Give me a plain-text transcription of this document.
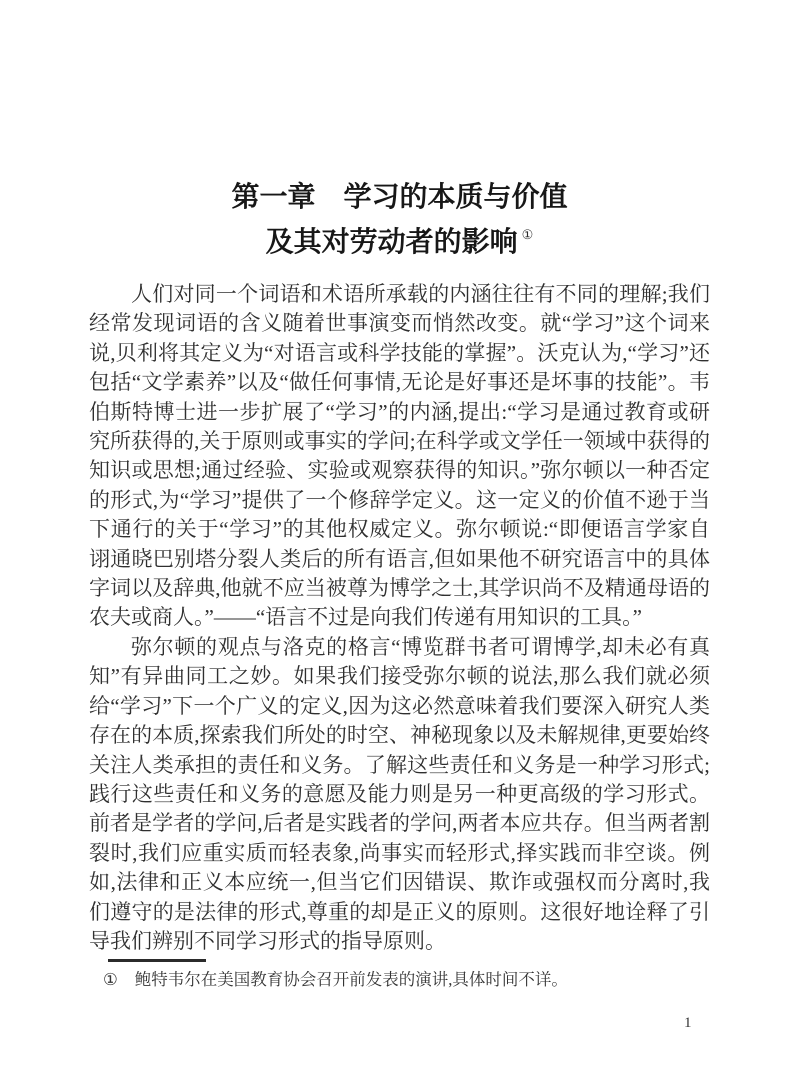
第一章　学习的本质与价值
及其对劳动者的影响 ①

人们对同一个词语和术语所承载的内涵往往有不同的理解;我们经常发现词语的含义随着世事演变而悄然改变。就“学习”这个词来说,贝利将其定义为“对语言或科学技能的掌握”。沃克认为,“学习”还包括“文学素养”以及“做任何事情,无论是好事还是坏事的技能”。韦伯斯特博士进一步扩展了“学习”的内涵,提出:“学习是通过教育或研究所获得的,关于原则或事实的学问;在科学或文学任一领域中获得的知识或思想;通过经验、实验或观察获得的知识。”弥尔顿以一种否定的形式,为“学习”提供了一个修辞学定义。这一定义的价值不逊于当下通行的关于“学习”的其他权威定义。弥尔顿说:“即便语言学家自诩通晓巴别塔分裂人类后的所有语言,但如果他不研究语言中的具体字词以及辞典,他就不应当被尊为博学之士,其学识尚不及精通母语的农夫或商人。”——“语言不过是向我们传递有用知识的工具。”

弥尔顿的观点与洛克的格言“博览群书者可谓博学,却未必有真知”有异曲同工之妙。如果我们接受弥尔顿的说法,那么我们就必须给“学习”下一个广义的定义,因为这必然意味着我们要深入研究人类存在的本质,探索我们所处的时空、神秘现象以及未解规律,更要始终关注人类承担的责任和义务。了解这些责任和义务是一种学习形式;践行这些责任和义务的意愿及能力则是另一种更高级的学习形式。前者是学者的学问,后者是实践者的学问,两者本应共存。但当两者割裂时,我们应重实质而轻表象,尚事实而轻形式,择实践而非空谈。例如,法律和正义本应统一,但当它们因错误、欺诈或强权而分离时,我们遵守的是法律的形式,尊重的却是正义的原则。这很好地诠释了引导我们辨别不同学习形式的指导原则。

① 鲍特韦尔在美国教育协会召开前发表的演讲,具体时间不详。
1
